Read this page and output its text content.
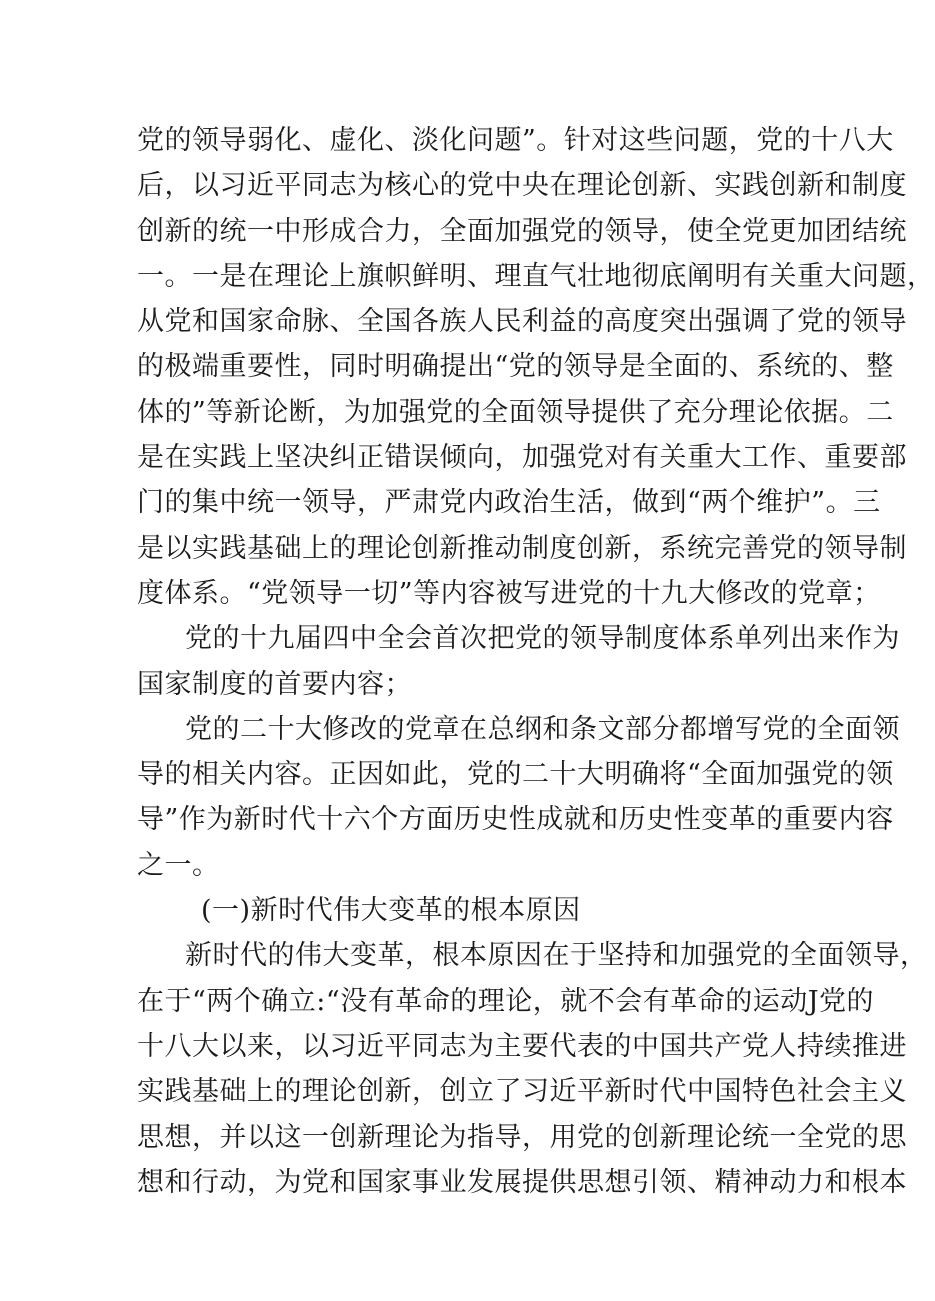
党的领导弱化、虚化、淡化问题”。针对这些问题，党的十八大
后，以习近平同志为核心的党中央在理论创新、实践创新和制度
创新的统一中形成合力，全面加强党的领导，使全党更加团结统
一。一是在理论上旗帜鲜明、理直气壮地彻底阐明有关重大问题，
从党和国家命脉、全国各族人民利益的高度突出强调了党的领导
的极端重要性，同时明确提出“党的领导是全面的、系统的、整
体的”等新论断，为加强党的全面领导提供了充分理论依据。二
是在实践上坚决纠正错误倾向，加强党对有关重大工作、重要部
门的集中统一领导，严肃党内政治生活，做到“两个维护”。三
是以实践基础上的理论创新推动制度创新，系统完善党的领导制
度体系。“党领导一切”等内容被写进党的十九大修改的党章；
党的十九届四中全会首次把党的领导制度体系单列出来作为
国家制度的首要内容；
党的二十大修改的党章在总纲和条文部分都增写党的全面领
导的相关内容。正因如此，党的二十大明确将“全面加强党的领
导”作为新时代十六个方面历史性成就和历史性变革的重要内容
之一。
(一)新时代伟大变革的根本原因
新时代的伟大变革，根本原因在于坚持和加强党的全面领导，
在于“两个确立:“没有革命的理论，就不会有革命的运动J党的
十八大以来，以习近平同志为主要代表的中国共产党人持续推进
实践基础上的理论创新，创立了习近平新时代中国特色社会主义
思想，并以这一创新理论为指导，用党的创新理论统一全党的思
想和行动，为党和国家事业发展提供思想引领、精神动力和根本
